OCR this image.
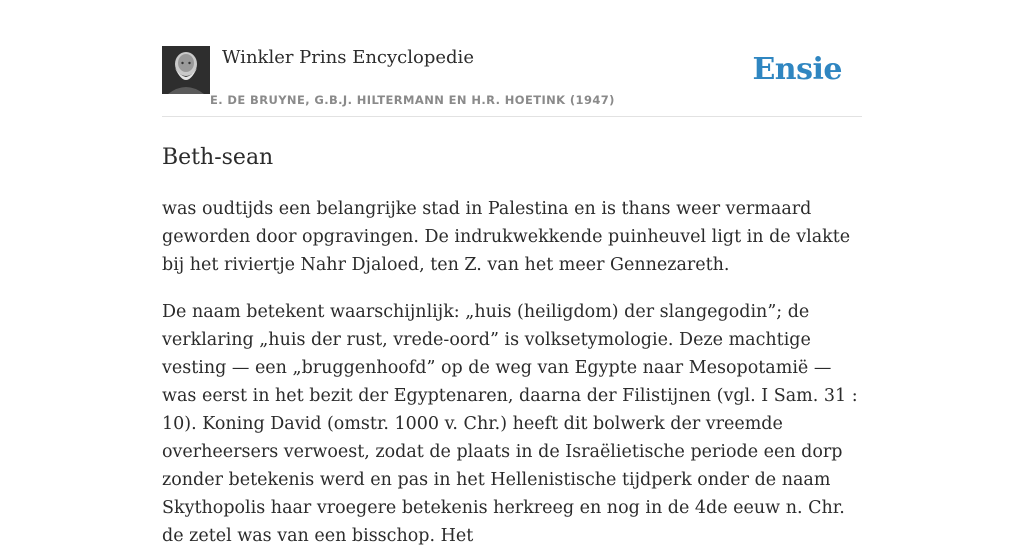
Winkler Prins Encyclopedie
E. DE BRUYNE, G.B.J. HILTERMANN EN H.R. HOETINK (1947)
Ensie
Beth-sean

was oudtijds een belangrijke stad in Palestina en is thans weer vermaard geworden door opgravingen. De indrukwekkende puinheuvel ligt in de vlakte bij het riviertje Nahr Djaloed, ten Z. van het meer Gennezareth.

De naam betekent waarschijnlijk: „huis (heiligdom) der slangegodin”; de verklaring „huis der rust, vrede-oord” is volksetymologie. Deze machtige vesting — een „bruggenhoofd” op de weg van Egypte naar Mesopotamië — was eerst in het bezit der Egyptenaren, daarna der Filistijnen (vgl. I Sam. 31 : 10). Koning David (omstr. 1000 v. Chr.) heeft dit bolwerk der vreemde overheersers verwoest, zodat de plaats in de Israëlietische periode een dorp zonder betekenis werd en pas in het Hellenistische tijdperk onder de naam Skythopolis haar vroegere betekenis herkreeg en nog in de 4de eeuw n. Chr. de zetel was van een bisschop. Het
